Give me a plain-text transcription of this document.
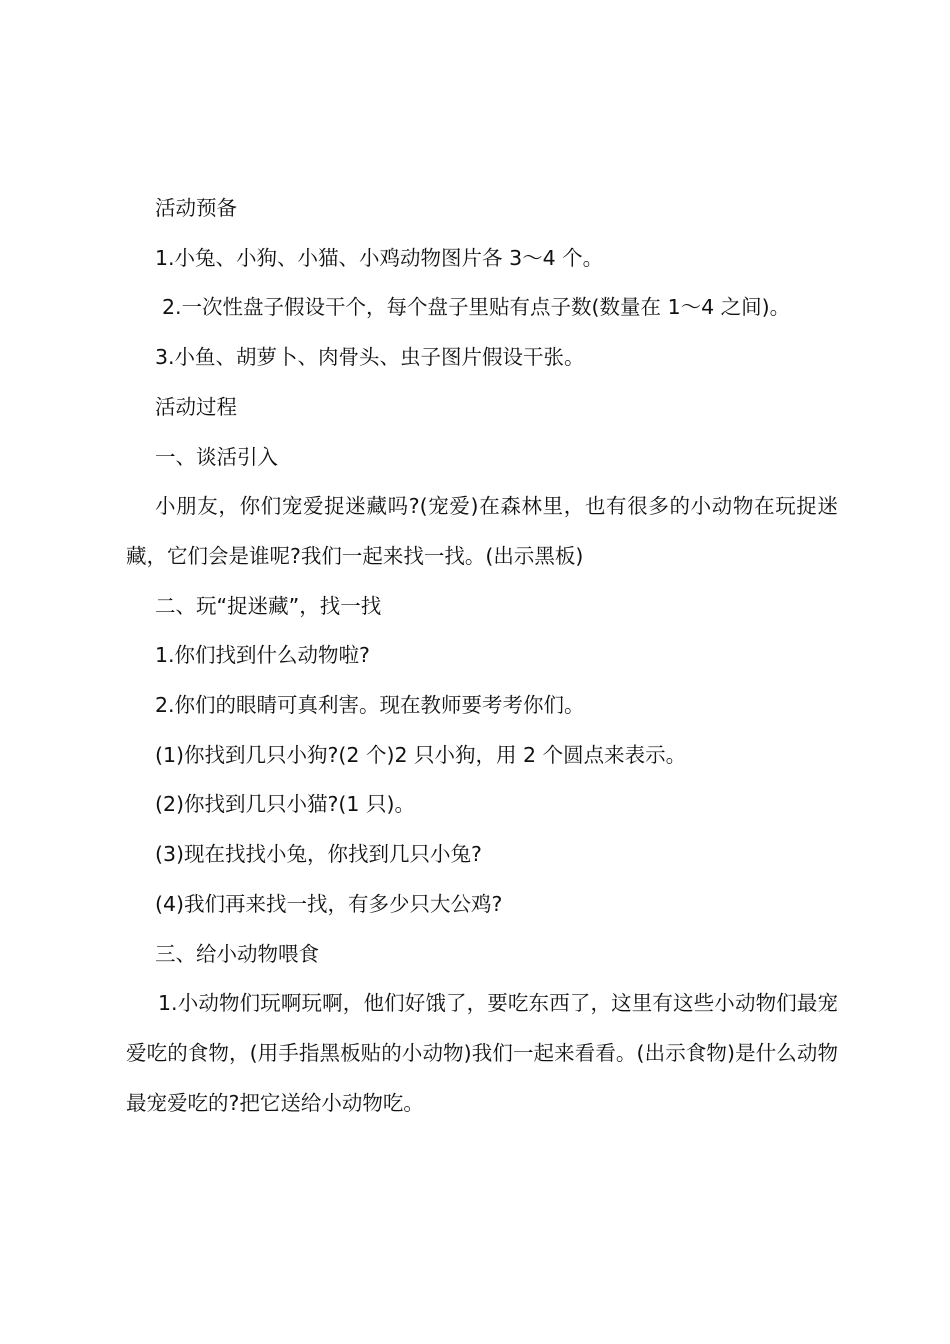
活动预备

1.小兔、小狗、小猫、小鸡动物图片各 3～4 个。

2.一次性盘子假设干个，每个盘子里贴有点子数(数量在 1～4 之间)。

3.小鱼、胡萝卜、肉骨头、虫子图片假设干张。

活动过程

一、谈活引入

小朋友，你们宠爱捉迷藏吗?(宠爱)在森林里，也有很多的小动物在玩捉迷藏，它们会是谁呢?我们一起来找一找。(出示黑板)

二、玩“捉迷藏”，找一找

1.你们找到什么动物啦?

2.你们的眼睛可真利害。现在教师要考考你们。

(1)你找到几只小狗?(2 个)2 只小狗，用 2 个圆点来表示。

(2)你找到几只小猫?(1 只)。

(3)现在找找小兔，你找到几只小兔?

(4)我们再来找一找，有多少只大公鸡?

三、给小动物喂食

1.小动物们玩啊玩啊，他们好饿了，要吃东西了，这里有这些小动物们最宠爱吃的食物，(用手指黑板贴的小动物)我们一起来看看。(出示食物)是什么动物最宠爱吃的?把它送给小动物吃。
